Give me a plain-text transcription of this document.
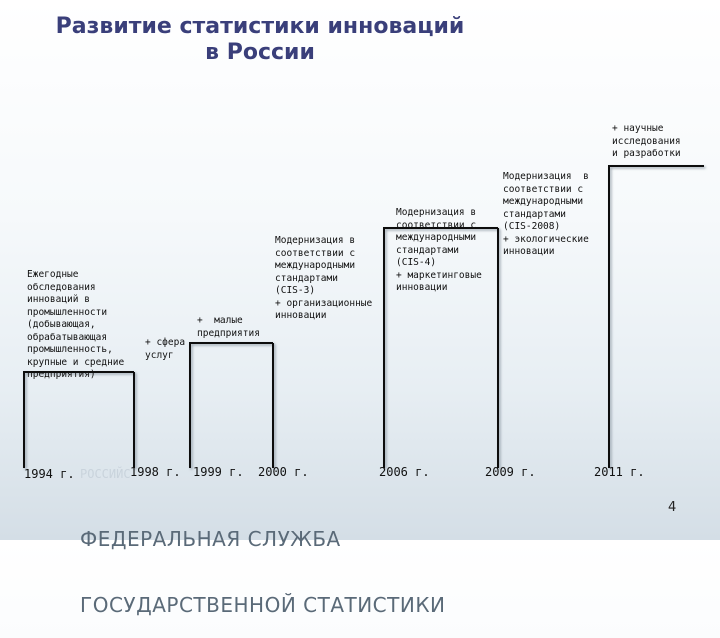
Развитие статистики инноваций
в России
Ежегодные
обследования
инноваций в
промышленности
(добывающая,
обрабатывающая
промышленность,
крупные и средние
предприятия)
+ сфера
услуг
+  малые
предприятия
Модернизация в
соответствии с
международными
стандартами
(CIS-3)
+ организационные
инновации
Модернизация в
соответствии с
международными
стандартами
(CIS-4)
+ маркетинговые
инновации
Модернизация  в
соответствии с
международными
стандартами
(CIS-2008)
+ экологические
инновации
+ научные
исследования
и разработки
1994 г. РОССИЙС 1998 г. 1999 г. 2000 г.	2006 г.	2009 г.	2011 г.

ФЕДЕРАЛЬНАЯ СЛУЖБА

ГОСУДАРСТВЕННОЙ СТАТИСТИКИ

4
